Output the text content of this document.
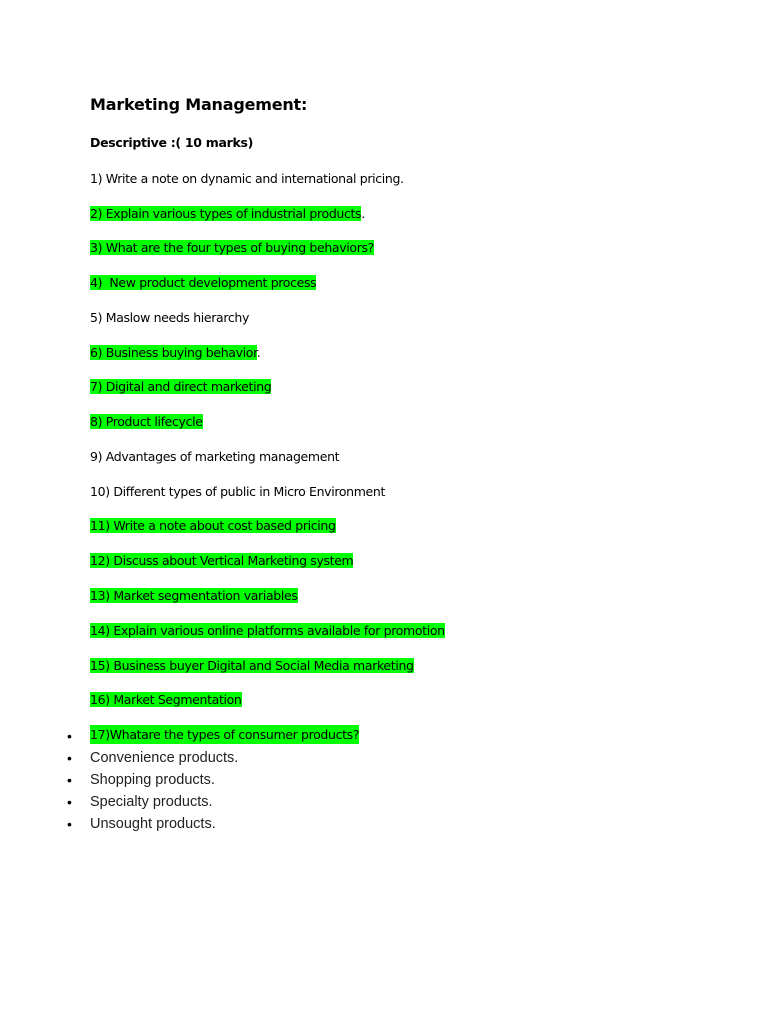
Marketing Management:
Descriptive :( 10 marks)
1) Write a note on dynamic and international pricing.
2) Explain various types of industrial products.
3) What are the four types of buying behaviors?
4)  New product development process
5) Maslow needs hierarchy
6) Business buying behavior.
7) Digital and direct marketing
8) Product lifecycle
9) Advantages of marketing management
10) Different types of public in Micro Environment
11) Write a note about cost based pricing
12) Discuss about Vertical Marketing system
13) Market segmentation variables
14) Explain various online platforms available for promotion
15) Business buyer Digital and Social Media marketing
16) Market Segmentation
• 17)Whatare the types of consumer products?
• Convenience products.
• Shopping products.
• Specialty products.
• Unsought products.
